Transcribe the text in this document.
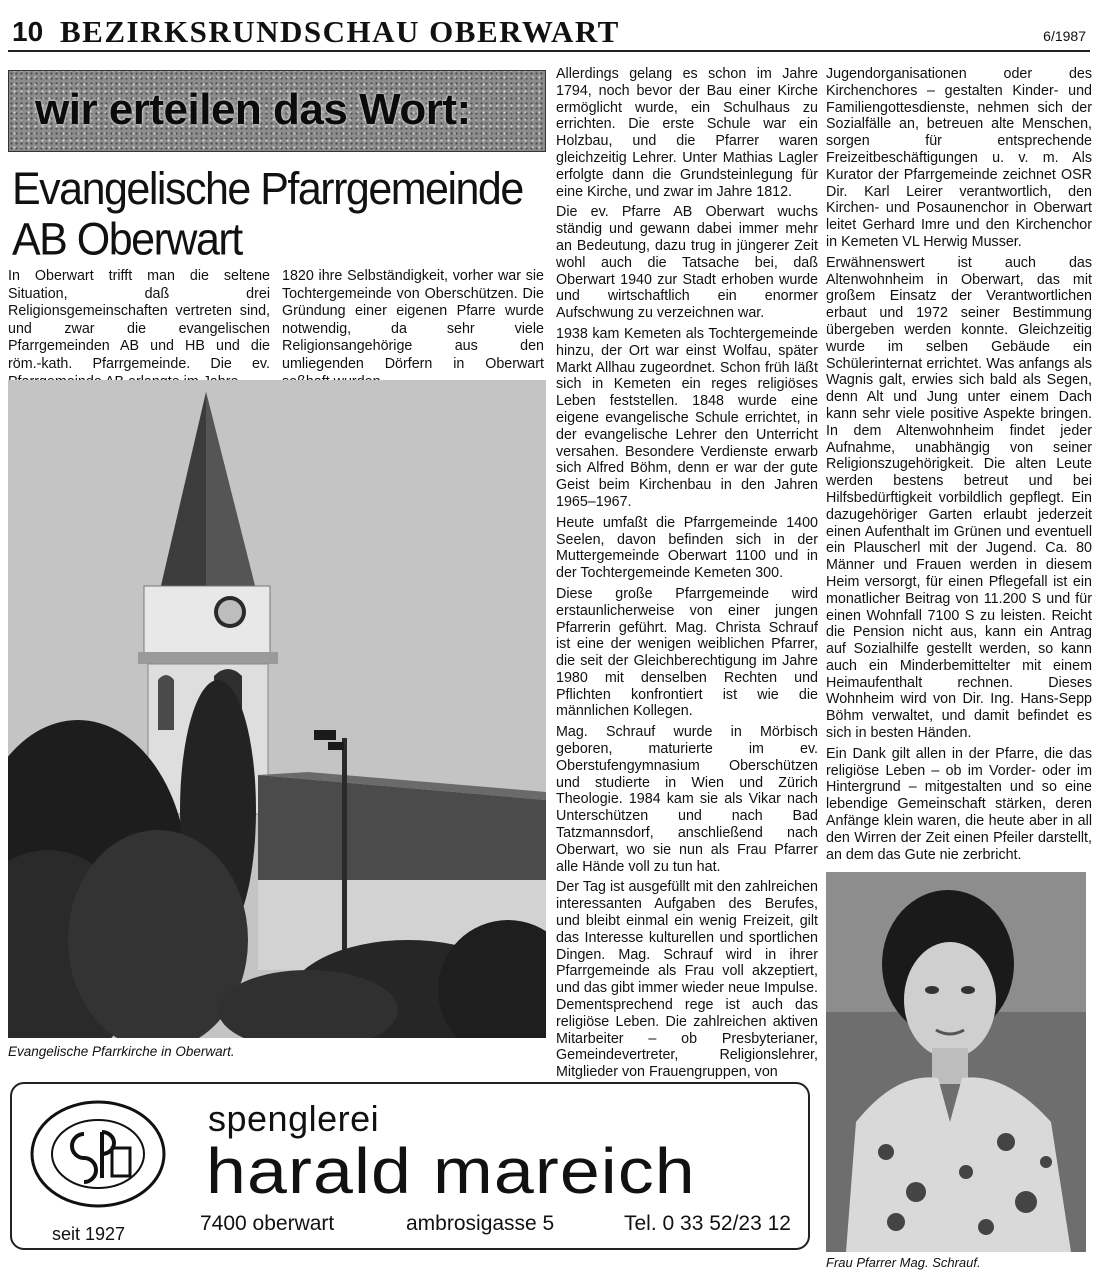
10 BEZIRKSRUNDSCHAU OBERWART	6/1987
wir erteilen das Wort:
Evangelische Pfarrgemeinde
AB Oberwart

In Oberwart trifft man die seltene Situation, daß drei Religionsgemeinschaften vertreten sind, und zwar die evangelischen Pfarrgemeinden AB und HB und die röm.-kath. Pfarrgemeinde. Die ev.

1820 ihre Selbständigkeit, vorher war sie Tochtergemeinde von Oberschützen. Die Gründung einer eigenen Pfarre wurde notwendig, da sehr viele Religionsangehörige aus den umliegenden Dörfern in Oberwart

Evangelische Pfarrkirche in Oberwart.

Allerdings gelang es schon im Jahre 1794, noch bevor der Bau einer Kirche ermöglicht wurde, ein Schulhaus zu errichten. Die erste Schule war ein Holzbau, und die Pfarrer waren gleichzeitig Lehrer. Unter Mathias Lagler erfolgte dann die Grundsteinlegung für eine Kirche, und zwar im Jahre 1812.

Die ev. Pfarre AB Oberwart wuchs ständig und gewann dabei immer mehr an Bedeutung, dazu trug in jüngerer Zeit wohl auch die Tatsache bei, daß Oberwart 1940 zur Stadt erhoben wurde und wirtschaftlich ein enormer Aufschwung zu verzeichnen war.

1938 kam Kemeten als Tochtergemeinde hinzu, der Ort war einst Wolfau, später Markt Allhau zugeordnet. Schon früh läßt sich in Kemeten ein reges religiöses Leben feststellen. 1848 wurde eine eigene evangelische Schule errichtet, in der evangelische Lehrer den Unterricht versahen. Besondere Verdienste erwarb sich Alfred Böhm, denn er war der gute Geist beim Kirchenbau in den Jahren 1965–1967.

Heute umfaßt die Pfarrgemeinde 1400 Seelen, davon befinden sich in der Muttergemeinde Oberwart 1100 und in der Tochtergemeinde Kemeten 300.

Diese große Pfarrgemeinde wird erstaunlicherweise von einer jungen Pfarrerin geführt. Mag. Christa Schrauf ist eine der wenigen weiblichen Pfarrer, die seit der Gleichberechtigung im Jahre 1980 mit denselben Rechten und Pflichten konfrontiert ist wie die männlichen Kollegen.

Mag. Schrauf wurde in Mörbisch geboren, maturierte im ev. Oberstufengymnasium Oberschützen und studierte in Wien und Zürich Theologie. 1984 kam sie als Vikar nach Unterschützen und nach Bad Tatzmannsdorf, anschließend nach Oberwart, wo sie nun als Frau Pfarrer alle Hände voll zu tun hat.

Der Tag ist ausgefüllt mit den zahlreichen interessanten Aufgaben des Berufes, und bleibt einmal ein wenig Freizeit, gilt das Interesse kulturellen und sportlichen Dingen. Mag. Schrauf wird in ihrer Pfarrgemeinde als Frau voll akzeptiert, und das gibt immer wieder neue Impulse. Dementsprechend rege ist auch das religiöse Leben. Die zahlreichen aktiven Mitarbeiter – ob Presbyterianer, Gemeindevertreter, Religionslehrer, Mitglieder von Frauengruppen, von

Jugendorganisationen oder des Kirchenchores – gestalten Kinder- und Familiengottesdienste, nehmen sich der Sozialfälle an, betreuen alte Menschen, sorgen für entsprechende Freizeitbeschäftigungen u. v. m. Als Kurator der Pfarrgemeinde zeichnet OSR Dir. Karl Leirer verantwortlich, den Kirchen- und Posaunenchor in Oberwart leitet Gerhard Imre und den Kirchenchor in Kemeten VL Herwig Musser.

Erwähnenswert ist auch das Altenwohnheim in Oberwart, das mit großem Einsatz der Verantwortlichen erbaut und 1972 seiner Bestimmung übergeben werden konnte. Gleichzeitig wurde im selben Gebäude ein Schülerinternat errichtet. Was anfangs als Wagnis galt, erwies sich bald als Segen, denn Alt und Jung unter einem Dach kann sehr viele positive Aspekte bringen. In dem Altenwohnheim findet jeder Aufnahme, unabhängig von seiner Religionszugehörigkeit. Die alten Leute werden bestens betreut und bei Hilfsbedürftigkeit vorbildlich gepflegt. Ein dazugehöriger Garten erlaubt jederzeit einen Aufenthalt im Grünen und eventuell ein Plauscherl mit der Jugend. Ca. 80 Männer und Frauen werden in diesem Heim versorgt, für einen Pflegefall ist ein monatlicher Beitrag von 11.200 S und für einen Wohnfall 7100 S zu leisten. Reicht die Pension nicht aus, kann ein Antrag auf Sozialhilfe gestellt werden, so kann auch ein Minderbemittelter mit einem Heimaufenthalt rechnen. Dieses Wohnheim wird von Dir. Ing. Hans-Sepp Böhm verwaltet, und damit befindet es sich in besten Händen.

Ein Dank gilt allen in der Pfarre, die das religiöse Leben – ob im Vorder- oder im Hintergrund – mitgestalten und so eine lebendige Gemeinschaft stärken, deren Anfänge klein waren, die heute aber in all den Wirren der Zeit einen Pfeiler darstellt, an dem das Gute nie zerbricht.

Frau Pfarrer Mag. Schrauf.

seit 1927
spenglerei
harald mareich
7400 oberwart	ambrosigasse 5	Tel. 0 33 52/23 12
